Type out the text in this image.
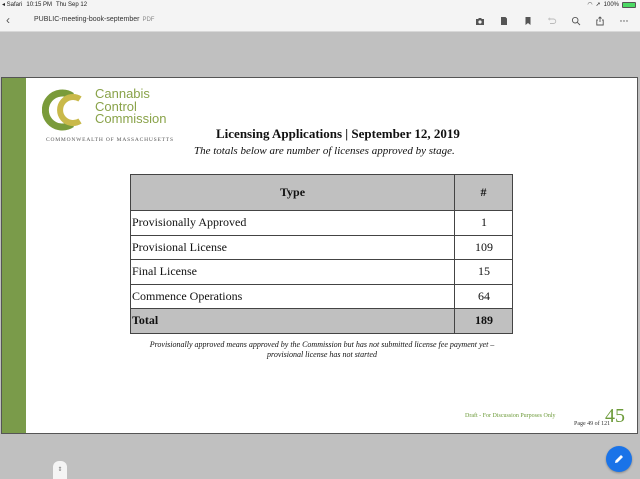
◂ Safari 10:15 PM Thu Sep 12	◠ ➚ 100%
‹	PUBLIC-meeting-book-september PDF
Cannabis
Control
Commission
COMMONWEALTH OF MASSACHUSETTS	Licensing Applications | September 12, 2019
The totals below are number of licenses approved by stage.
Type	#
Provisionally Approved	1
Provisional License	109
Final License	15
Commence Operations	64
Total	189
Provisionally approved means approved by the Commission but has not submitted license fee payment yet – provisional license has not started
Draft - For Discussion Purposes Only
Page 49 of 121
45
⇕
